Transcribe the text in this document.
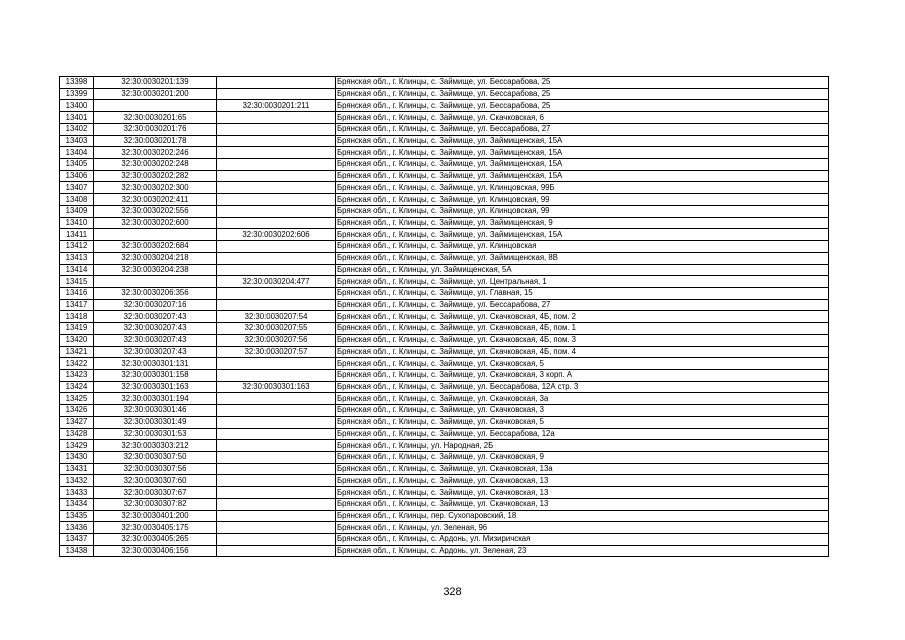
13398	32:30:0030201:139		Брянская обл., г. Клинцы, с. Займище, ул. Бессарабова, 25
13399	32:30:0030201:200		Брянская обл., г. Клинцы, с. Займище, ул. Бессарабова, 25
13400		32:30:0030201:211	Брянская обл., г. Клинцы, с. Займище, ул. Бессарабова, 25
13401	32:30:0030201:65		Брянская обл., г. Клинцы, с. Займище, ул. Скачковская, 6
13402	32:30:0030201:76		Брянская обл., г. Клинцы, с. Займище, ул. Бессарабова, 27
13403	32:30:0030201:78		Брянская обл., г. Клинцы, с. Займище, ул. Займищенская, 15А
13404	32:30:0030202:246		Брянская обл., г. Клинцы, с. Займище, ул. Займищенская, 15А
13405	32:30:0030202:248		Брянская обл., г. Клинцы, с. Займище, ул. Займищенская, 15А
13406	32:30:0030202:282		Брянская обл., г. Клинцы, с. Займище, ул. Займищенская, 15А
13407	32:30:0030202:300		Брянская обл., г. Клинцы, с. Займище, ул. Клинцовская, 99Б
13408	32:30:0030202:411		Брянская обл., г. Клинцы, с. Займище, ул. Клинцовская, 99
13409	32:30:0030202:556		Брянская обл., г. Клинцы, с. Займище, ул. Клинцовская, 99
13410	32:30:0030202:600		Брянская обл., г. Клинцы, с. Займище, ул. Займищенская, 9
13411		32:30:0030202:606	Брянская обл., г. Клинцы, с. Займище, ул. Займищенская, 15А
13412	32:30:0030202:684		Брянская обл., г. Клинцы, с. Займище, ул. Клинцовская
13413	32:30:0030204:218		Брянская обл., г. Клинцы, с. Займище, ул. Займищенская, 8В
13414	32:30:0030204:238		Брянская обл., г. Клинцы, ул. Займищенская, 5А
13415		32:30:0030204:477	Брянская обл., г. Клинцы, с. Займище, ул. Центральная, 1
13416	32:30:0030206:356		Брянская обл., г. Клинцы, с. Займище, ул. Главная, 15
13417	32:30:0030207:16		Брянская обл., г. Клинцы, с. Займище, ул. Бессарабова, 27
13418	32:30:0030207:43	32:30:0030207:54	Брянская обл., г. Клинцы, с. Займище, ул. Скачковская, 4Б, пом. 2
13419	32:30:0030207:43	32:30:0030207:55	Брянская обл., г. Клинцы, с. Займище, ул. Скачковская, 4Б, пом. 1
13420	32:30:0030207:43	32:30:0030207:56	Брянская обл., г. Клинцы, с. Займище, ул. Скачковская, 4Б, пом. 3
13421	32:30:0030207:43	32:30:0030207:57	Брянская обл., г. Клинцы, с. Займище, ул. Скачковская, 4Б, пом. 4
13422	32:30:0030301:131		Брянская обл., г. Клинцы, с. Займище, ул. Скачковская, 5
13423	32:30:0030301:158		Брянская обл., г. Клинцы, с. Займище, ул. Скачковская, 3 корп. А
13424	32:30:0030301:163	32:30:0030301:163	Брянская обл., г. Клинцы, с. Займище, ул. Бессарабова, 12А стр. 3
13425	32:30:0030301:194		Брянская обл., г. Клинцы, с. Займище, ул. Скачковская, 3а
13426	32:30:0030301:46		Брянская обл., г. Клинцы, с. Займище, ул. Скачковская, 3
13427	32:30:0030301:49		Брянская обл., г. Клинцы, с. Займище, ул. Скачковская, 5
13428	32:30:0030301:53		Брянская обл., г. Клинцы, с. Займище, ул. Бессарабова, 12а
13429	32:30:0030303:212		Брянская обл., г. Клинцы, ул. Народная, 2Б
13430	32:30:0030307:50		Брянская обл., г. Клинцы, с. Займище, ул. Скачковская, 9
13431	32:30:0030307:56		Брянская обл., г. Клинцы, с. Займище, ул. Скачковская, 13а
13432	32:30:0030307:60		Брянская обл., г. Клинцы, с. Займище, ул. Скачковская, 13
13433	32:30:0030307:67		Брянская обл., г. Клинцы, с. Займище, ул. Скачковская, 13
13434	32:30:0030307:82		Брянская обл., г. Клинцы, с. Займище, ул. Скачковская, 13
13435	32:30:0030401:200		Брянская обл., г. Клинцы, пер. Сухопаровский, 18
13436	32:30:0030405:175		Брянская обл., г. Клинцы, ул. Зеленая, 96
13437	32:30:0030405:265		Брянская обл., г. Клинцы, с. Ардонь, ул. Мизиричская
13438	32:30:0030406:156		Брянская обл., г. Клинцы, с. Ардонь, ул. Зеленая, 23
328
